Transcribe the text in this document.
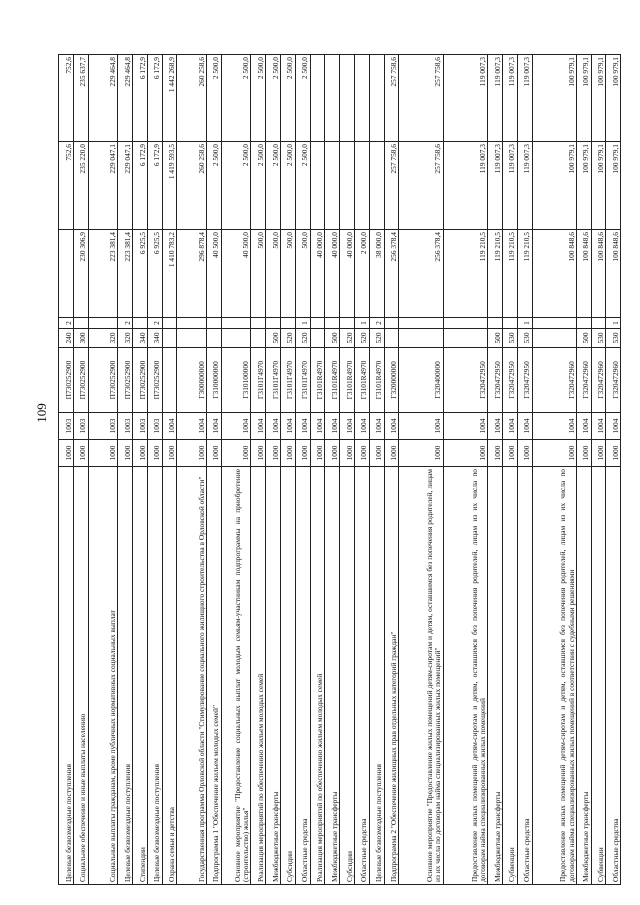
109
Целевые безвозмездные поступления	1000	1003	П730252900	240	2		752,6	752,6
Социальное обеспечение и иные выплаты населению	1000	1003	П730252900	300		230 306,9	235 220,0	235 637,7
Социальные выплаты гражданам, кроме публичных нормативных социальных выплат	1000	1003	П730252900	320		223 381,4	229 047,1	229 464,8
Целевые безвозмездные поступления	1000	1003	П730252900	320	2	223 381,4	229 047,1	229 464,8
Стипендии	1000	1003	П730252900	340		6 925,5	6 172,9	6 172,9
Целевые безвозмездные поступления	1000	1003	П730252900	340	2	6 925,5	6 172,9	6 172,9
Охрана семьи и детства	1000	1004				1 410 783,2	1 419 593,5	1 442 268,9
Государственная программа Орловской области "Стимулирование социального жилищного строительства в Орловской области"	1000	1004	Г300000000			296 878,4	260 258,6	260 258,6
Подпрограмма 1 "Обеспечение жильем молодых семей"	1000	1004	Г310000000			40 500,0	2 500,0	2 500,0
Основное мероприятие "Предоставление социальных выплат молодым семьям-участникам подпрограммы на приобретение (строительство) жилья"	1000	1004	Г310100000			40 500,0	2 500,0	2 500,0
Реализация мероприятий по обеспечению жильем молодых семей	1000	1004	Г3101Г4970			500,0	2 500,0	2 500,0
Межбюджетные трансферты	1000	1004	Г3101Г4970	500		500,0	2 500,0	2 500,0
Субсидии	1000	1004	Г3101Г4970	520		500,0	2 500,0	2 500,0
Областные средства	1000	1004	Г3101Г4970	520	1	500,0	2 500,0	2 500,0
Реализация мероприятий по обеспечению жильем молодых семей	1000	1004	Г3101R4970			40 000,0		
Межбюджетные трансферты	1000	1004	Г3101R4970	500		40 000,0		
Субсидии	1000	1004	Г3101R4970	520		40 000,0		
Областные средства	1000	1004	Г3101R4970	520	1	2 000,0		
Целевые безвозмездные поступления	1000	1004	Г3101R4970	520	2	38 000,0		
Подпрограмма 2 "Обеспечение жилищных прав отдельных категорий граждан"	1000	1004	Г320000000			256 378,4	257 758,6	257 758,6
Основное мероприятие "Предоставление жилых помещений детям-сиротам и детям, оставшимся без попечения родителей, лицам из их числа по договорам найма специализированных жилых помещений"	1000	1004	Г320400000			256 378,4	257 758,6	257 758,6
Предоставление жилых помещений детям-сиротам и детям, оставшимся без попечения родителей, лицам из их числа по договорам найма специализированных жилых помещений	1000	1004	Г320472950			119 210,5	119 007,3	119 007,3
Межбюджетные трансферты	1000	1004	Г320472950	500		119 210,5	119 007,3	119 007,3
Субвенции	1000	1004	Г320472950	530		119 210,5	119 007,3	119 007,3
Областные средства	1000	1004	Г320472950	530	1	119 210,5	119 007,3	119 007,3
Предоставление жилых помещений детям-сиротам и детям, оставшимся без попечения родителей, лицам из их числа по договорам найма специализированных жилых помещений в соответствии с судебными решениями	1000	1004	Г320472960			100 848,6	100 979,1	100 979,1
Межбюджетные трансферты	1000	1004	Г320472960	500		100 848,6	100 979,1	100 979,1
Субвенции	1000	1004	Г320472960	530		100 848,6	100 979,1	100 979,1
Областные средства	1000	1004	Г320472960	530	1	100 848,6	100 979,1	100 979,1
